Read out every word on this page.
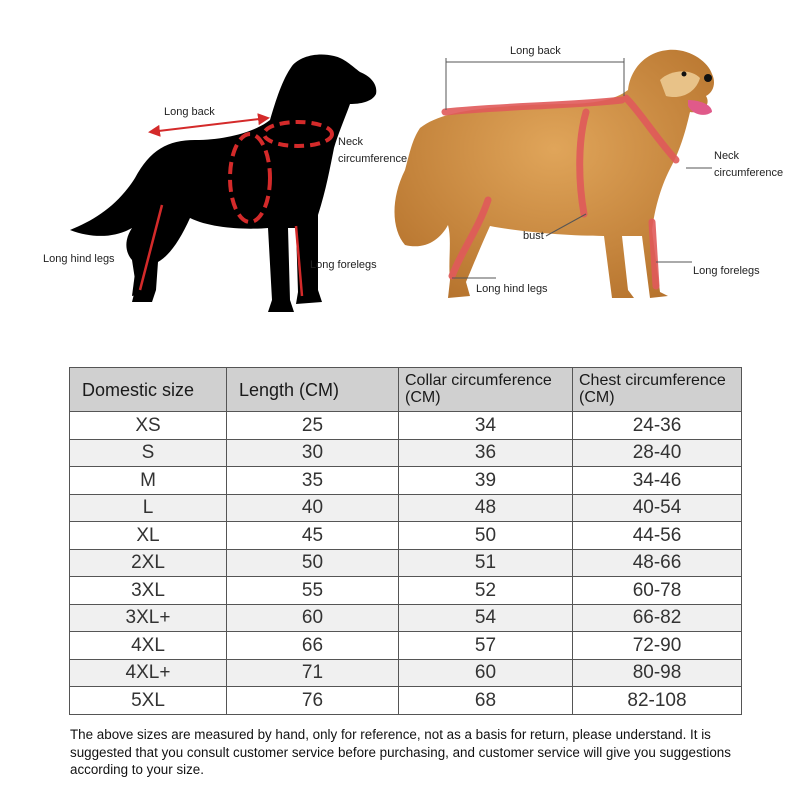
Long back
Neck
circumference
Long hind legs	Long forelegs
Long back
Neck
circumference
bust
Long hind legs
Long forelegs
Domestic size	Length (CM)	Collar circumference (CM)	Chest circumference (CM)
XS	25	34	24-36
S	30	36	28-40
M	35	39	34-46
L	40	48	40-54
XL	45	50	44-56
2XL	50	51	48-66
3XL	55	52	60-78
3XL+	60	54	66-82
4XL	66	57	72-90
4XL+	71	60	80-98
5XL	76	68	82-108
The above sizes are measured by hand, only for reference, not as a basis for return, please understand. It is suggested that you consult customer service before purchasing, and customer service will give you suggestions according to your size.
